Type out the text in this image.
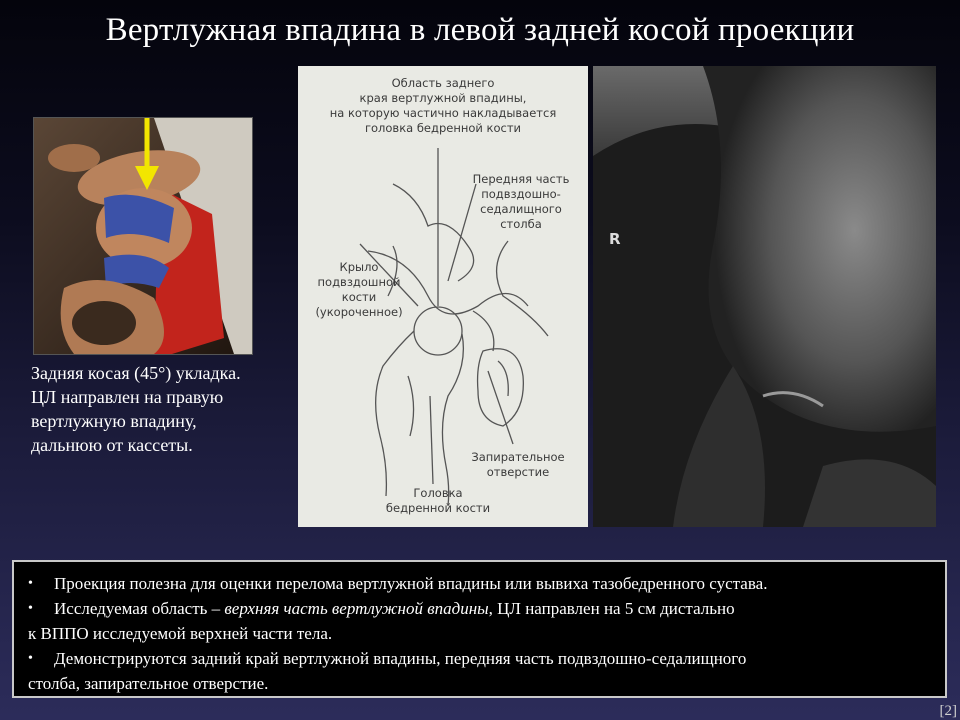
Вертлужная впадина в левой задней косой проекции
Задняя косая (45°) укладка.
ЦЛ направлен на правую
вертлужную впадину,
дальнюю от кассеты.
Область заднего
края вертлужной впадины,
на которую частично накладывается
головка бедренной кости
Передняя часть
подвздошно-
седалищного
столба
Крыло
подвздошной
кости
(укороченное)
Запирательное
отверстие
Головка
бедренной кости
R
• Проекция полезна для оценки перелома вертлужной впадины или вывиха тазобедренного сустава.
• Исследуемая область – верхняя часть вертлужной впадины, ЦЛ направлен на 5 см дистально
к ВППО исследуемой верхней части тела.
• Демонстрируются задний край вертлужной впадины, передняя часть подвздошно-седалищного
столба, запирательное отверстие.
[2]
